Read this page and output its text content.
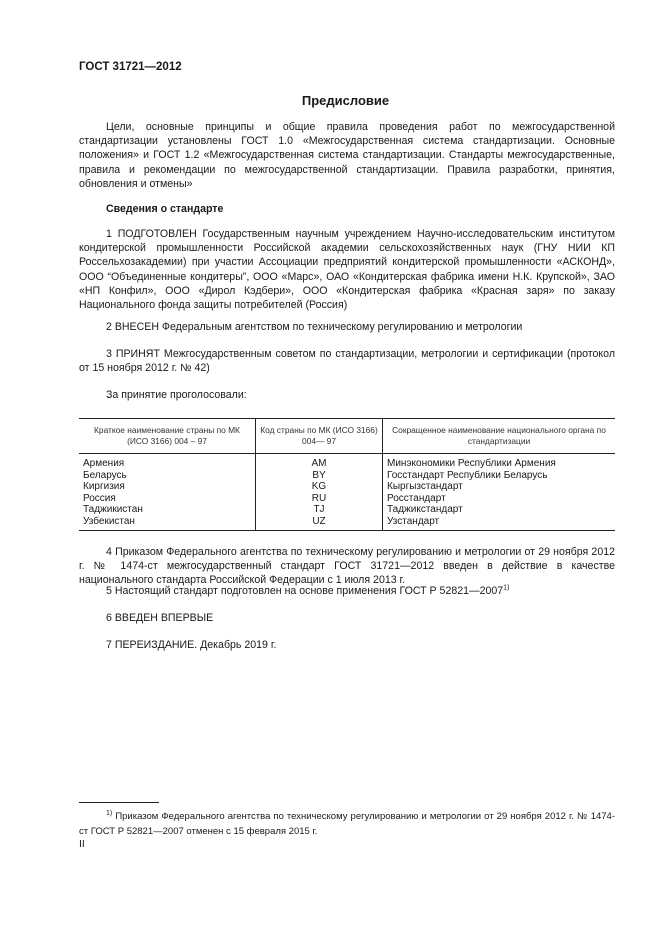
ГОСТ 31721—2012
Предисловие
Цели, основные принципы и общие правила проведения работ по межгосударственной стандартизации установлены ГОСТ 1.0 «Межгосударственная система стандартизации. Основные положения» и ГОСТ 1.2 «Межгосударственная система стандартизации. Стандарты межгосударственные, правила и рекомендации по межгосударственной стандартизации. Правила разработки, принятия, обновления и отмены»
Сведения о стандарте
1 ПОДГОТОВЛЕН Государственным научным учреждением Научно-исследовательским институтом кондитерской промышленности Российской академии сельскохозяйственных наук (ГНУ НИИ КП Россельхозакадемии) при участии Ассоциации предприятий кондитерской промышленности «АСКОНД», ООО “Объединенные кондитеры”, ООО «Марс», ОАО «Кондитерская фабрика имени Н.К. Крупской», ЗАО «НП Конфил», ООО «Дирол Кэдбери», ООО «Кондитерская фабрика «Красная заря» по заказу Национального фонда защиты потребителей (Россия)
2 ВНЕСЕН Федеральным агентством по техническому регулированию и метрологии
3 ПРИНЯТ Межгосударственным советом по стандартизации, метрологии и сертификации (протокол от 15 ноября 2012 г. № 42)
За принятие проголосовали:
Краткое наименование страны по МК (ИСО 3166) 004 – 97	Код страны по МК (ИСО 3166) 004— 97	Сокращенное наименование национального органа по стандартизации
Армения	AM	Минэкономики Республики Армения
Беларусь	BY	Госстандарт Республики Беларусь
Киргизия	KG	Кыргызстандарт
Россия	RU	Росстандарт
Таджикистан	TJ	Таджикстандарт
Узбекистан	UZ	Узстандарт
4 Приказом Федерального агентства по техническому регулированию и метрологии от 29 ноября 2012 г. № 1474-ст межгосударственный стандарт ГОСТ 31721—2012 введен в действие в качестве национального стандарта Российской Федерации с 1 июля 2013 г.
5 Настоящий стандарт подготовлен на основе применения ГОСТ Р 52821—2007$^{1)}$
6 ВВЕДЕН ВПЕРВЫЕ
7 ПЕРЕИЗДАНИЕ. Декабрь 2019 г.
$^{1)}$ Приказом Федерального агентства по техническому регулированию и метрологии от 29 ноября 2012 г. № 1474-ст ГОСТ Р 52821—2007 отменен с 15 февраля 2015 г.
II
